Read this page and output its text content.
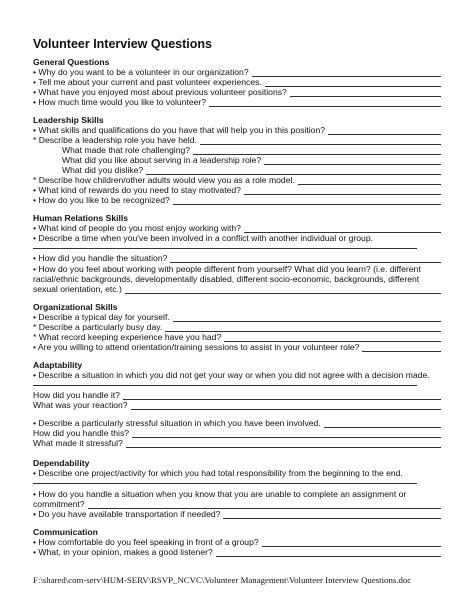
Volunteer Interview Questions
General Questions
• Why do you want to be a volunteer in our organization?
• Tell me about your current and past volunteer experiences.
• What have you enjoyed most about previous volunteer positions?
• How much time would you like to volunteer?
Leadership Skills
• What skills and qualifications do you have that will help you in this position?
* Describe a leadership role you have held.
What made that role challenging?
What did you like about serving in a leadership role?
What did you dislike?
* Describe how children/other adults would view you as a role model.
• What kind of rewards do you need to stay motivated?
• How do you like to be recognized?
Human Relations Skills
• What kind of people do you most enjoy working with?
• Describe a time when you've been involved in a conflict with another individual or group.
• How did you handle the situation?
• How do you feel about working with people different from yourself? What did you learn? (i.e. different
racial/ethnic backgrounds, developmentally disabled, different socio-economic, backgrounds, different
sexual orientation, etc.)
Organizational Skills
• Describe a typical day for yourself.
* Describe a particularly busy day.
* What record keeping experience have you had?
• Are you willing to attend orientation/training sessions to assist in your volunteer role?
Adaptability
• Describe a situation in which you did not get your way or when you did not agree with a decision made.
How did you handle it?
What was your reaction?
• Describe a particularly stressful situation in which you have been involved.
How did you handle this?
What made it stressful?
Dependability
• Describe one project/activity for which you had total responsibility from the beginning to the end.
• How do you handle a situation when you know that you are unable to complete an assignment or
commitment?
• Do you have available transportation if needed?
Communication
• How comfortable do you feel speaking in front of a group?
• What, in your opinion, makes a good listener?
F:\shared\com-serv\HUM-SERV\RSVP_NCVC\Volunteer Management\Volunteer Interview Questions.doc
